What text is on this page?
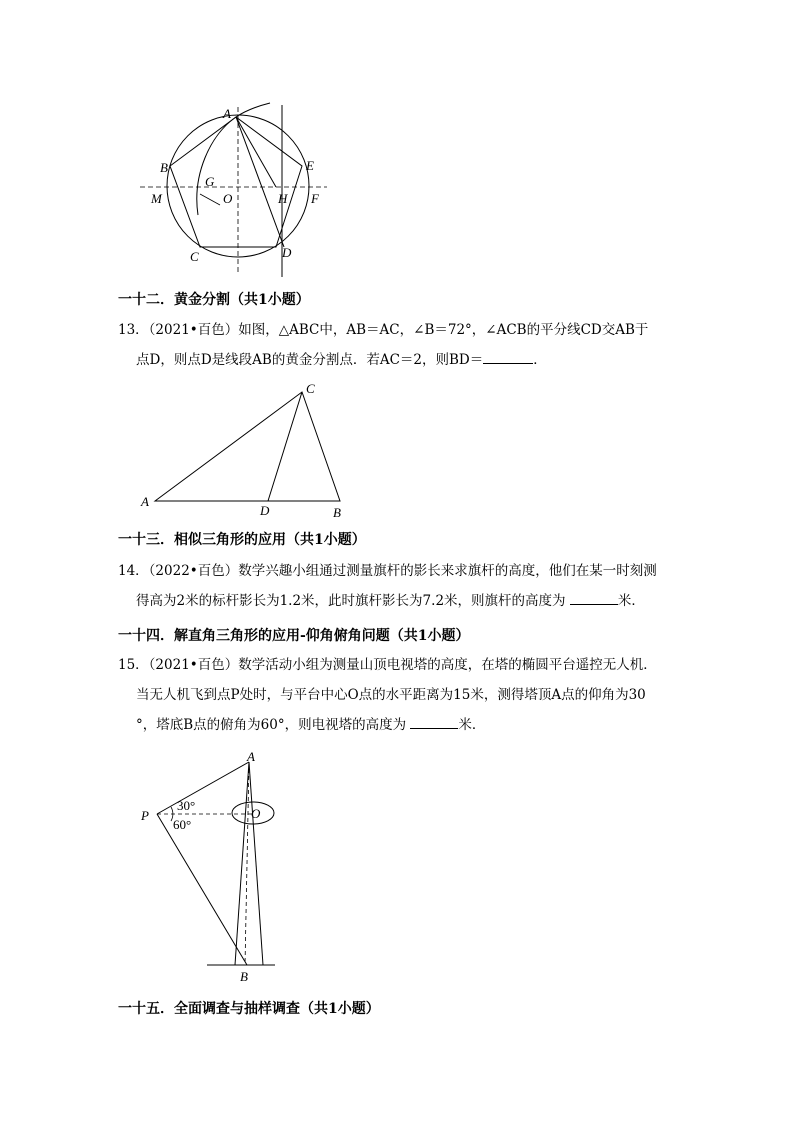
A
B	E
G
M	O	H F
C	D
一十二．黄金分割（共1小题）
13．（2021•百色）如图，△ABC中，AB＝AC，∠B＝72°，∠ACB的平分线CD交AB于
点D，则点D是线段AB的黄金分割点．若AC＝2，则BD＝	．
C
A
D	B
一十三．相似三角形的应用（共1小题）
14．（2022•百色）数学兴趣小组通过测量旗杆的影长来求旗杆的高度，他们在某一时刻测
得高为2米的标杆影长为1.2米，此时旗杆影长为7.2米，则旗杆的高度为	米．
一十四．解直角三角形的应用-仰角俯角问题（共1小题）
15．（2021•百色）数学活动小组为测量山顶电视塔的高度，在塔的椭圆平台遥控无人机．
当无人机飞到点P处时，与平台中心O点的水平距离为15米，测得塔顶A点的仰角为30
°，塔底B点的俯角为60°，则电视塔的高度为	米．
A
P	O
30°
60°
B
一十五．全面调查与抽样调查（共1小题）
